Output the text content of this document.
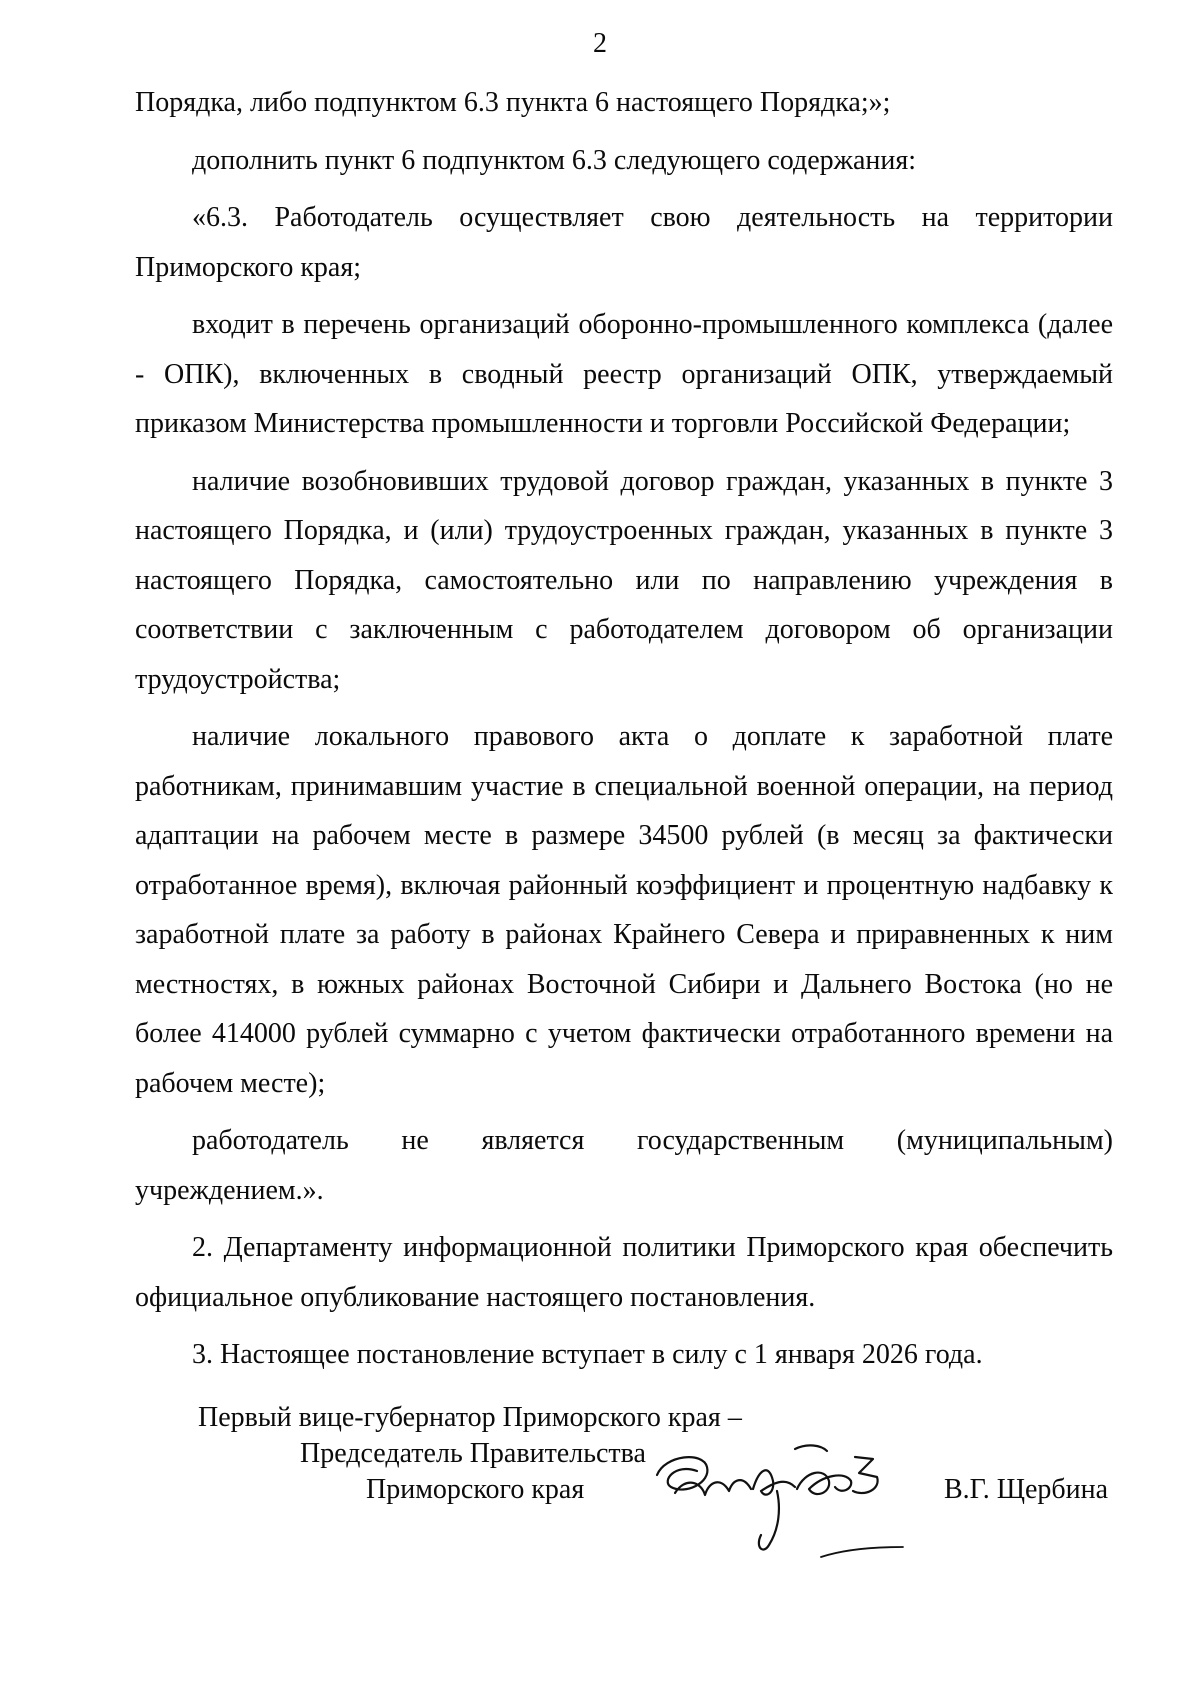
2

Порядка, либо подпунктом 6.3 пункта 6 настоящего Порядка;»;

дополнить пункт 6 подпунктом 6.3 следующего содержания:

«6.3. Работодатель осуществляет свою деятельность на территории Приморского края;

входит в перечень организаций оборонно-промышленного комплекса (далее - ОПК), включенных в сводный реестр организаций ОПК, утверждаемый приказом Министерства промышленности и торговли Российской Федерации;

наличие возобновивших трудовой договор граждан, указанных в пункте 3 настоящего Порядка, и (или) трудоустроенных граждан, указанных в пункте 3 настоящего Порядка, самостоятельно или по направлению учреждения в соответствии с заключенным с работодателем договором об организации трудоустройства;

наличие локального правового акта о доплате к заработной плате работникам, принимавшим участие в специальной военной операции, на период адаптации на рабочем месте в размере 34500 рублей (в месяц за фактически отработанное время), включая районный коэффициент и процентную надбавку к заработной плате за работу в районах Крайнего Севера и приравненных к ним местностях, в южных районах Восточной Сибири и Дальнего Востока (но не более 414000 рублей суммарно с учетом фактически отработанного времени на рабочем месте);

работодатель не является государственным (муниципальным) учреждением.».

2. Департаменту информационной политики Приморского края обеспечить официальное опубликование настоящего постановления.

3. Настоящее постановление вступает в силу с 1 января 2026 года.

Первый вице-губернатор Приморского края –
Председатель Правительства
Приморского края	В.Г. Щербина
